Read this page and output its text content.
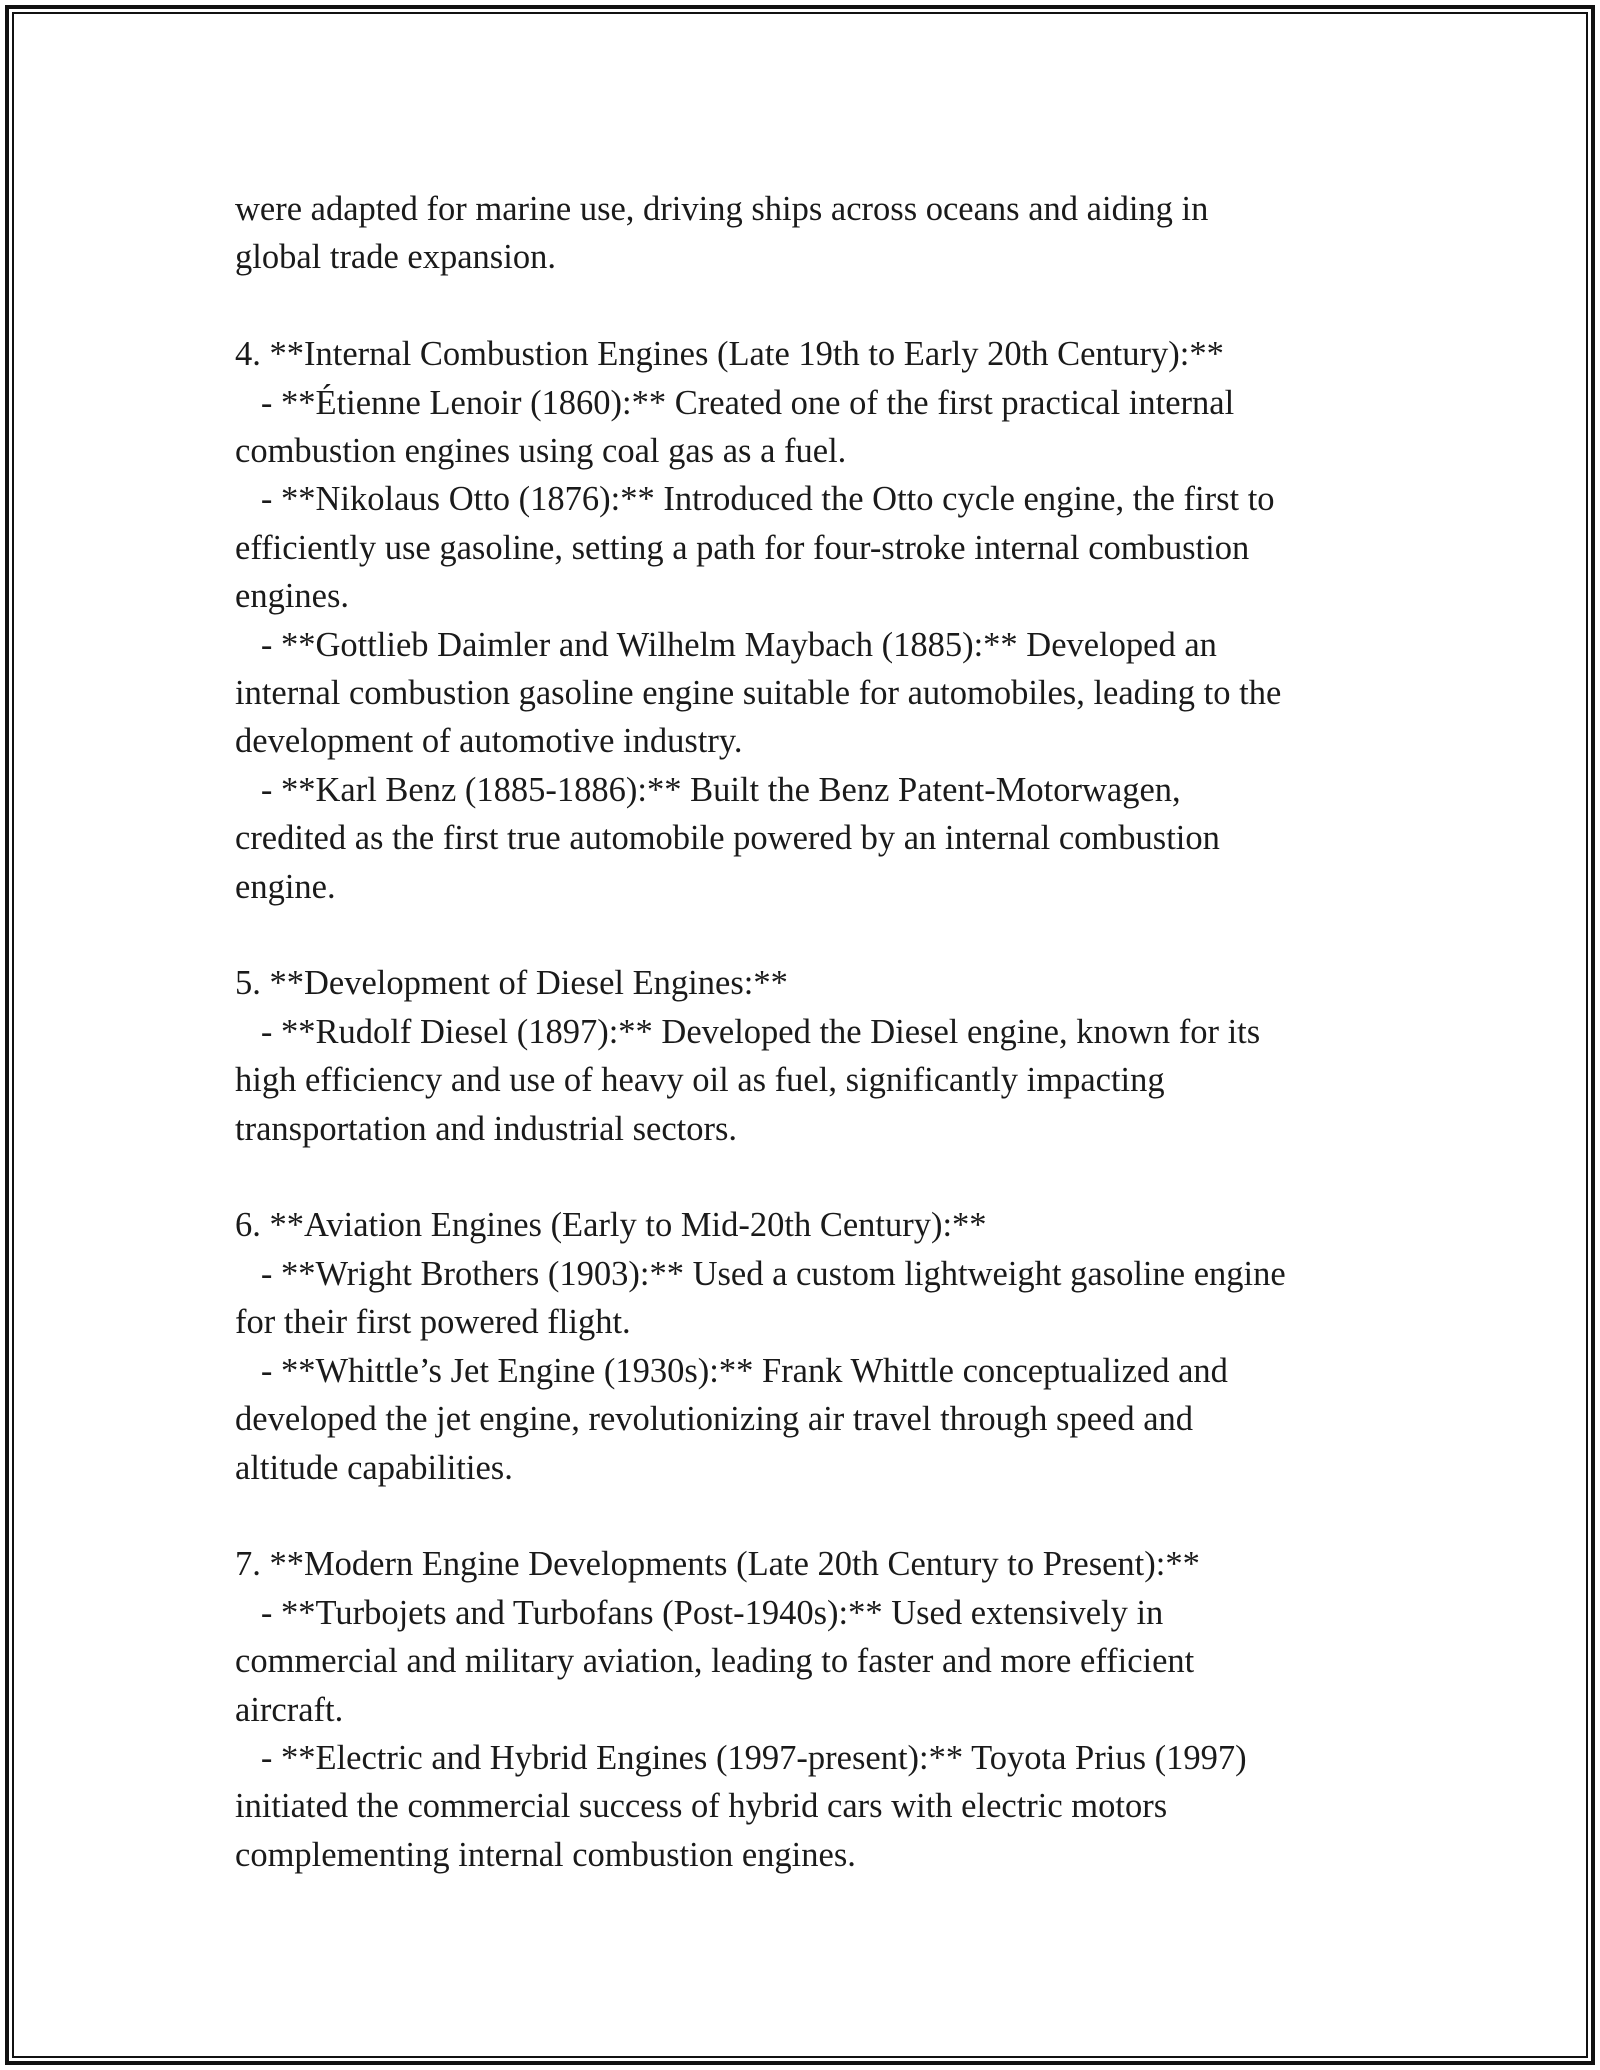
were adapted for marine use, driving ships across oceans and aiding in

global trade expansion.

4. **Internal Combustion Engines (Late 19th to Early 20th Century):**

- **Étienne Lenoir (1860):** Created one of the first practical internal

combustion engines using coal gas as a fuel.

- **Nikolaus Otto (1876):** Introduced the Otto cycle engine, the first to

efficiently use gasoline, setting a path for four-stroke internal combustion

engines.

- **Gottlieb Daimler and Wilhelm Maybach (1885):** Developed an

internal combustion gasoline engine suitable for automobiles, leading to the

development of automotive industry.

- **Karl Benz (1885-1886):** Built the Benz Patent-Motorwagen,

credited as the first true automobile powered by an internal combustion

engine.

5. **Development of Diesel Engines:**

- **Rudolf Diesel (1897):** Developed the Diesel engine, known for its

high efficiency and use of heavy oil as fuel, significantly impacting

transportation and industrial sectors.

6. **Aviation Engines (Early to Mid-20th Century):**

- **Wright Brothers (1903):** Used a custom lightweight gasoline engine

for their first powered flight.

- **Whittle’s Jet Engine (1930s):** Frank Whittle conceptualized and

developed the jet engine, revolutionizing air travel through speed and

altitude capabilities.

7. **Modern Engine Developments (Late 20th Century to Present):**

- **Turbojets and Turbofans (Post-1940s):** Used extensively in

commercial and military aviation, leading to faster and more efficient

aircraft.

- **Electric and Hybrid Engines (1997-present):** Toyota Prius (1997)

initiated the commercial success of hybrid cars with electric motors

complementing internal combustion engines.
